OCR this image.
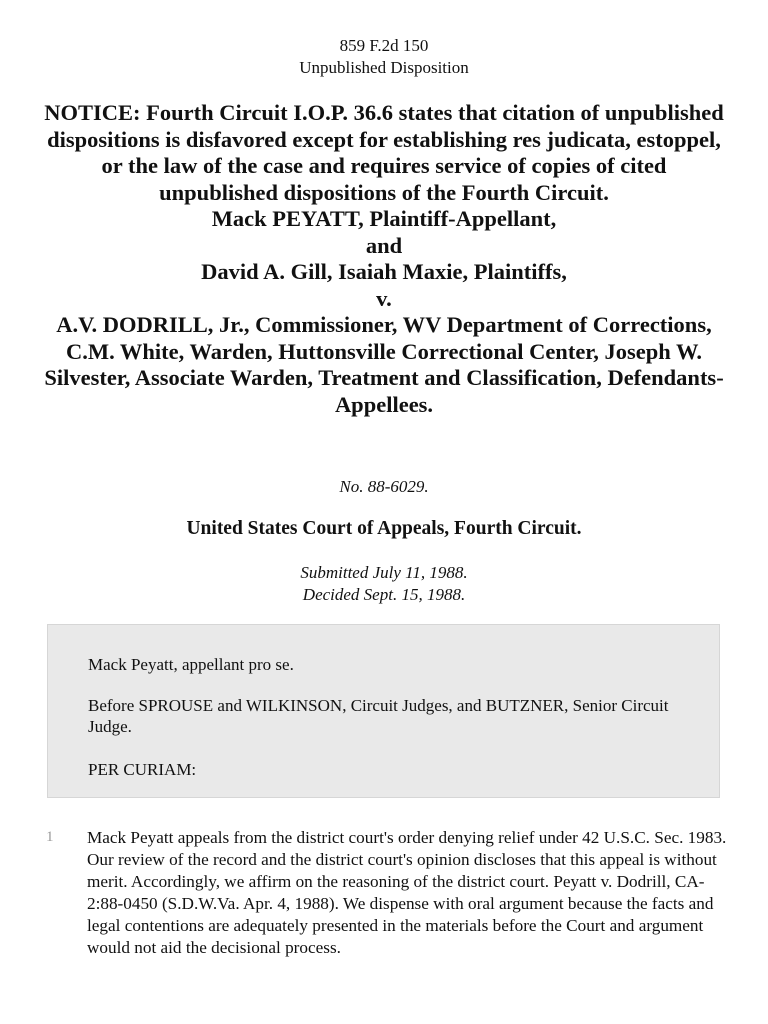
859 F.2d 150
Unpublished Disposition
NOTICE: Fourth Circuit I.O.P. 36.6 states that citation of unpublished dispositions is disfavored except for establishing res judicata, estoppel, or the law of the case and requires service of copies of cited unpublished dispositions of the Fourth Circuit.
Mack PEYATT, Plaintiff-Appellant,
and
David A. Gill, Isaiah Maxie, Plaintiffs,
v.
A.V. DODRILL, Jr., Commissioner, WV Department of Corrections, C.M. White, Warden, Huttonsville Correctional Center, Joseph W. Silvester, Associate Warden, Treatment and Classification, Defendants-Appellees.
No. 88-6029.
United States Court of Appeals, Fourth Circuit.
Submitted July 11, 1988.
Decided Sept. 15, 1988.

Mack Peyatt, appellant pro se.

Before SPROUSE and WILKINSON, Circuit Judges, and BUTZNER, Senior Circuit Judge.

PER CURIAM:

1 Mack Peyatt appeals from the district court's order denying relief under 42 U.S.C. Sec. 1983. Our review of the record and the district court's opinion discloses that this appeal is without merit. Accordingly, we affirm on the reasoning of the district court. Peyatt v. Dodrill, CA-2:88-0450 (S.D.W.Va. Apr. 4, 1988). We dispense with oral argument because the facts and legal contentions are adequately presented in the materials before the Court and argument would not aid the decisional process.
